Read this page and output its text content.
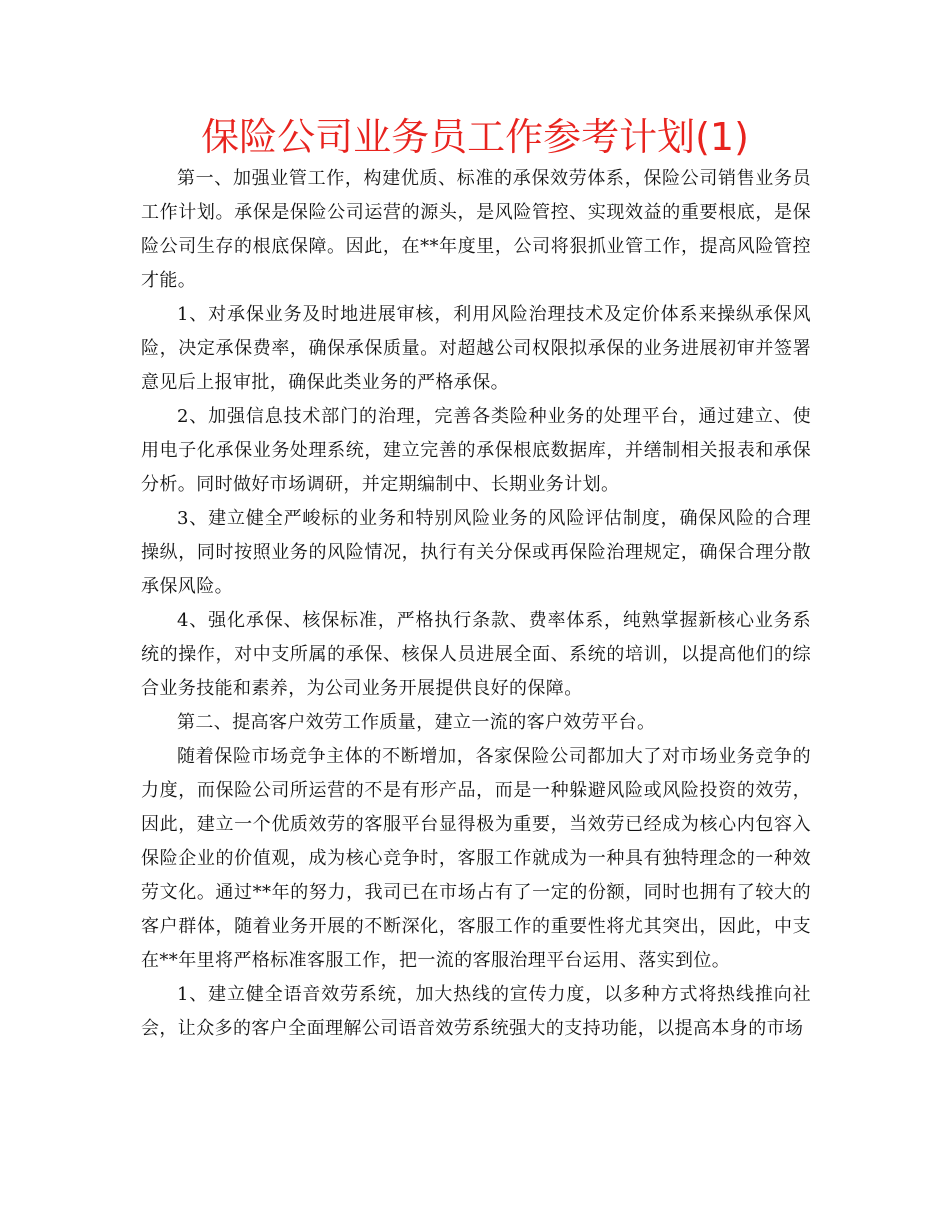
保险公司业务员工作参考计划(1)

第一、加强业管工作，构建优质、标准的承保效劳体系，保险公司销售业务员工作计划。承保是保险公司运营的源头，是风险管控、实现效益的重要根底，是保险公司生存的根底保障。因此，在**年度里，公司将狠抓业管工作，提高风险管控才能。

1、对承保业务及时地进展审核，利用风险治理技术及定价体系来操纵承保风险，决定承保费率，确保承保质量。对超越公司权限拟承保的业务进展初审并签署意见后上报审批，确保此类业务的严格承保。

2、加强信息技术部门的治理，完善各类险种业务的处理平台，通过建立、使用电子化承保业务处理系统，建立完善的承保根底数据库，并缮制相关报表和承保分析。同时做好市场调研，并定期编制中、长期业务计划。

3、建立健全严峻标的业务和特别风险业务的风险评估制度，确保风险的合理操纵，同时按照业务的风险情况，执行有关分保或再保险治理规定，确保合理分散承保风险。

4、强化承保、核保标准，严格执行条款、费率体系，纯熟掌握新核心业务系统的操作，对中支所属的承保、核保人员进展全面、系统的培训，以提高他们的综合业务技能和素养，为公司业务开展提供良好的保障。

第二、提高客户效劳工作质量，建立一流的客户效劳平台。

随着保险市场竞争主体的不断增加，各家保险公司都加大了对市场业务竞争的力度，而保险公司所运营的不是有形产品，而是一种躲避风险或风险投资的效劳，因此，建立一个优质效劳的客服平台显得极为重要，当效劳已经成为核心内包容入保险企业的价值观，成为核心竞争时，客服工作就成为一种具有独特理念的一种效劳文化。通过**年的努力，我司已在市场占有了一定的份额，同时也拥有了较大的客户群体，随着业务开展的不断深化，客服工作的重要性将尤其突出，因此，中支在**年里将严格标准客服工作，把一流的客服治理平台运用、落实到位。

1、建立健全语音效劳系统，加大热线的宣传力度，以多种方式将热线推向社会，让众多的客户全面理解公司语音效劳系统强大的支持功能，以提高本身的市场
